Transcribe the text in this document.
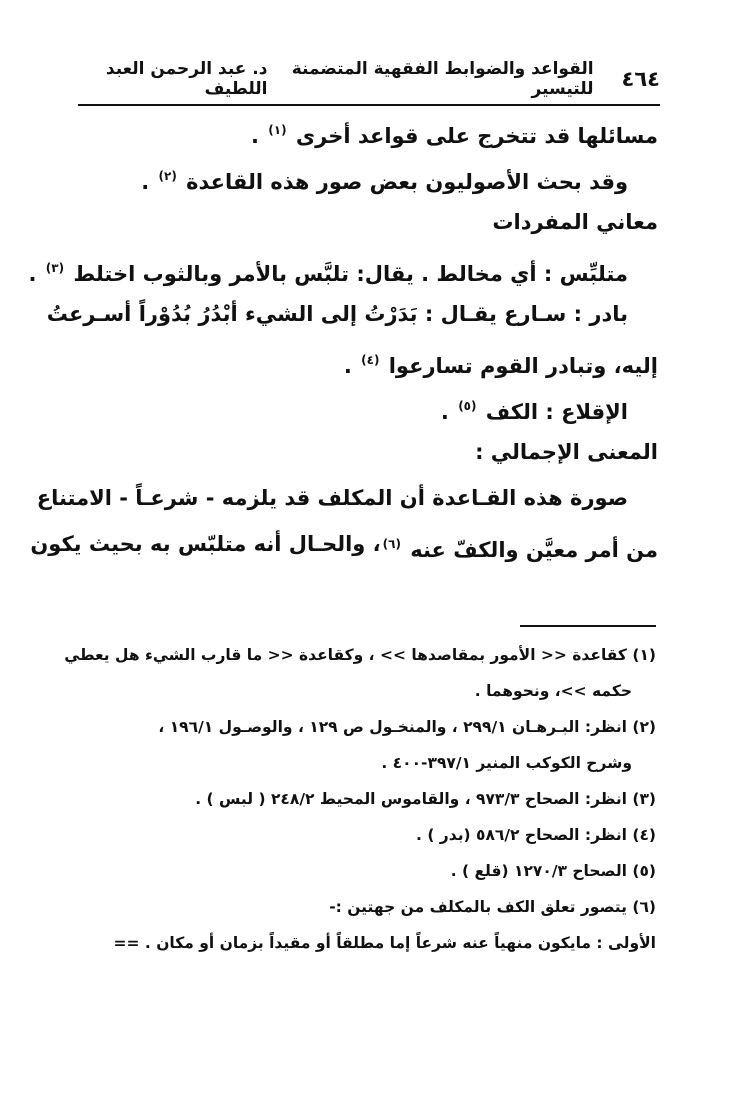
٤٦٤
القواعد والضوابط الفقهية المتضمنة للتيسير
د. عبد الرحمن العبد اللطيف
مسائلها قد تتخرج على قواعد أخرى $^{(١)}$ .
وقد بحث الأصوليون بعض صور هذه القاعدة $^{(٢)}$ .
معاني المفردات
متلبِّس : أي مخالط . يقال: تلبَّس بالأمر وبالثوب اختلط $^{(٣)}$ .
بادر : سـارع يقـال : بَدَرْتُ إلى الشيء أبْدُرُ بُدُوْراً أسـرعتُ
إليه، وتبادر القوم تسارعوا $^{(٤)}$ .
الإقلاع : الكف $^{(٥)}$ .
المعنى الإجمالي :
صورة هذه القـاعدة أن المكلف قد يلزمه - شرعـاً - الامتناع
من أمر معيَّن والكفّ عنه $^{(٦)}$
، والحـال أنه متلبّس به بحيث يكون
(١) كقاعدة << الأمور بمقاصدها >> ، وكقاعدة << ما قارب الشيء هل يعطي
حكمه >>، ونحوهما .
(٢) انظر: البـرهـان ٢٩٩/١ ، والمنخـول ص ١٢٩ ، والوصـول ١٩٦/١ ،
وشرح الكوكب المنير ٣٩٧/١-٤٠٠ .
(٣) انظر: الصحاح ٩٧٣/٣ ، والقاموس المحيط ٢٤٨/٢ ( لبس ) .
(٤) انظر: الصحاح ٥٨٦/٢ (بدر ) .
(٥) الصحاح ١٢٧٠/٣ (قلع ) .
(٦) يتصور تعلق الكف بالمكلف من جهتين :-
الأولى : مايكون منهياً عنه شرعاً إما مطلقاً أو مقيداً بزمان أو مكان . ==
